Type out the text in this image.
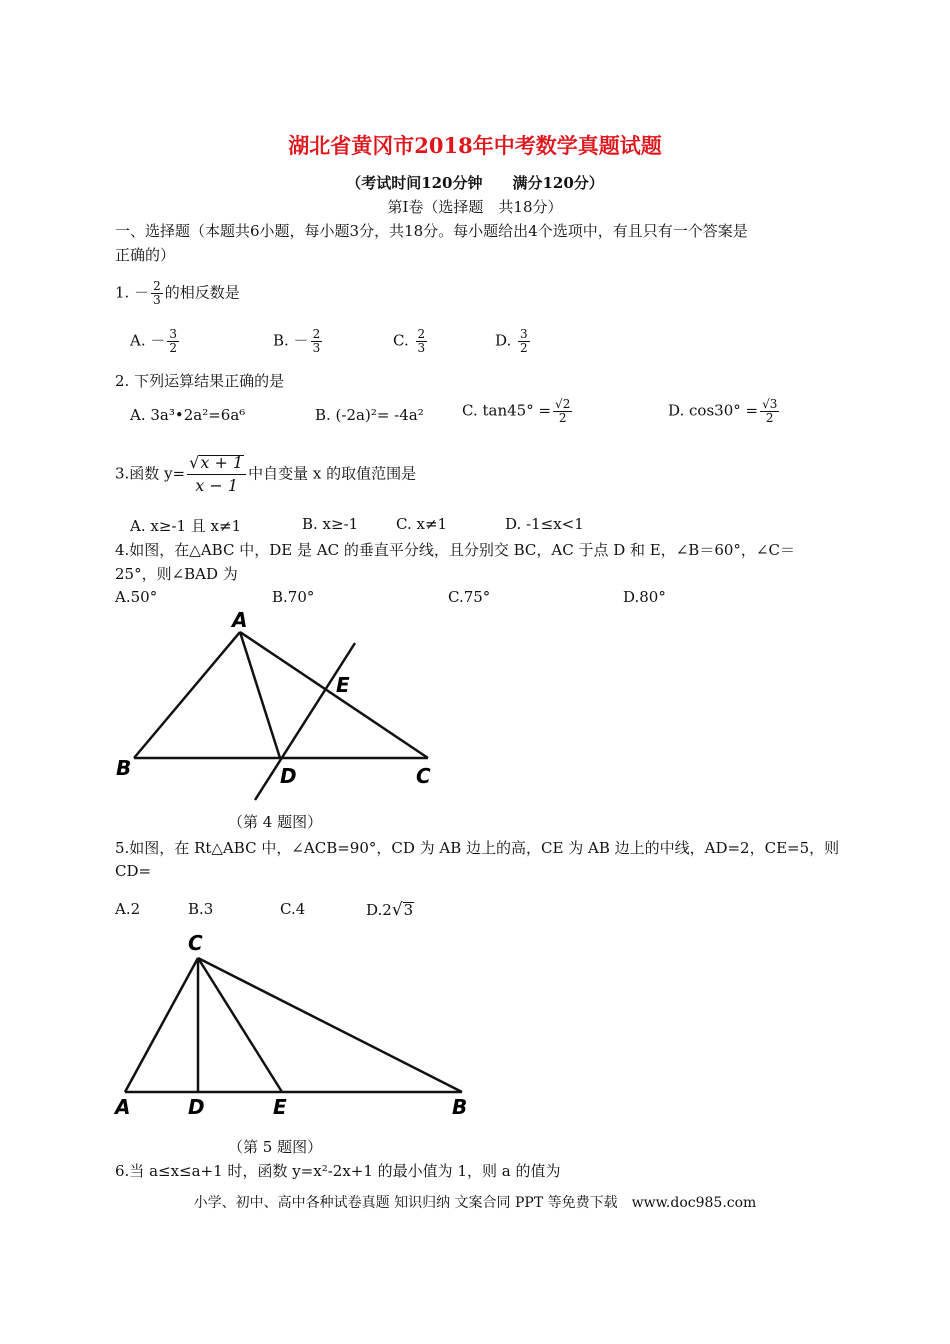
湖北省黄冈市2018年中考数学真题试题
（考试时间120分钟　　满分120分）
第Ⅰ卷（选择题　共18分）
一、选择题（本题共6小题，每小题3分，共18分。每小题给出4个选项中，有且只有一个答案是
正确的）
1. － $\frac{2}{3}$ 的相反数是
A. － $\frac{3}{2}$	B. － $\frac{2}{3}$	C. $\frac{2}{3}$	D. $\frac{3}{2}$
2. 下列运算结果正确的是
A. 3a³•2a²=6a⁶	B. (-2a)²= -4a²	C. $\tan 45^\circ = \frac{√2}{2}$	D. $\cos 30^\circ = \frac{√3}{2}$
3.函数 $y= \frac{√x + 1}{x - 1}$ 中自变量 x 的取值范围是
A. x≥-1 且 x≠1	B. x≥-1	C. x≠1	D. -1≤x<1
4.如图，在△ABC 中，DE 是 AC 的垂直平分线，且分别交 BC，AC 于点 D 和 E，∠B＝60°，∠C＝
25°，则∠BAD 为
A.50°	B.70°	C.75°	D.80°
A
B	C
D
E
C
A	D	E	B
（第 4 题图）
5.如图，在 Rt△ABC 中，∠ACB=90°，CD 为 AB 边上的高，CE 为 AB 边上的中线，AD=2，CE=5，则
CD=
A.2	B.3	C.4	D.2√3
（第 5 题图）
6.当 a≤x≤a+1 时，函数 y=x²-2x+1 的最小值为 1，则 a 的值为
小学、初中、高中各种试卷真题 知识归纳 文案合同 PPT 等免费下载　www.doc985.com
